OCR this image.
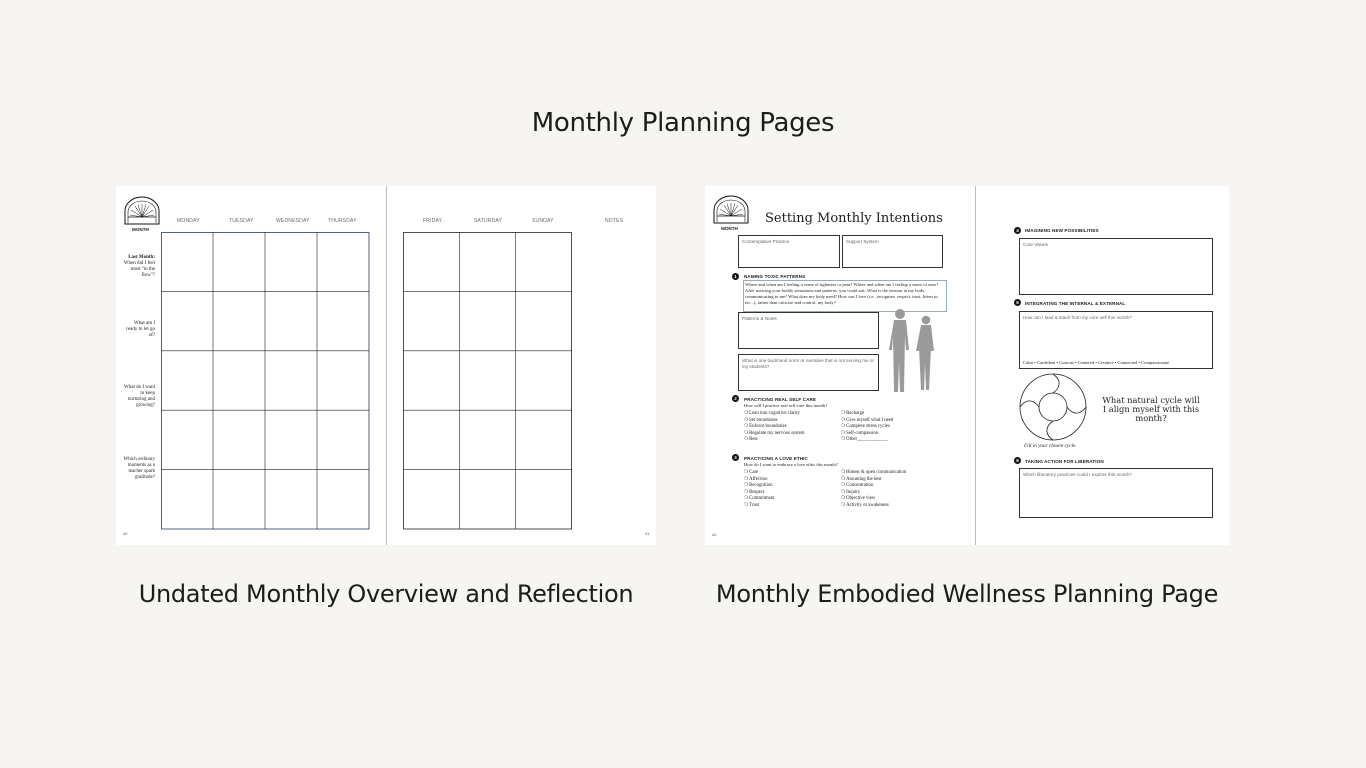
Monthly Planning Pages
MONTH
MONDAY	TUESDAY	WEDNESDAY	THURSDAY
Last Month: When did I feel most "in the flow"?
What am I ready to let go of?
What do I want to keep nurturing and growing?
Which ordinary moments as a teacher spark gratitude?
40
FRIDAY	SATURDAY	SUNDAY	NOTES
41
Undated Monthly Overview and Reflection
MONTH
Setting Monthly Intentions
Contemplative Practice	Support System
1	NAMING TOXIC PATTERNS
Where and when am I feeling a sense of tightness or pain? Where and when am I feeling a sense of ease? After noticing your bodily sensations and patterns, you could ask: What is the tension in my body communicating to me? What does my body need? How can I love (i.e., recognize, respect, trust, listen to, etc...), rather than criticize and control, my body?
Patterns & Notes
What is one backhand norm or narrative that is not serving me or my students?
2	PRACTICING REAL SELF CARE
How will I practice real self-care this month?
❍ Lean into cognitive clarity
❍ Set boundaries
❍ Enforce boundaries
❍ Regulate my nervous system
❍ Rest
❍ Recharge
❍ Give myself what I need
❍ Complete stress cycles
❍ Self-compassion
❍ Other_____________
3	PRACTICING A LOVE ETHIC
How do I want to embrace a love ethic this month?
❍ Care
❍ Affection
❍ Recognition
❍ Respect
❍ Commitment
❍ Trust
❍ Honest & open communication
❍ Assuming the best
❍ Concentration
❍ Inquiry
❍ Objective view
❍ Activity or awakeness
42
4	IMAGINING NEW POSSIBILITIES
Core Values
5	INTEGRATING THE INTERNAL & EXTERNAL
How can I lead & teach from my core self this month?
Calm • Confident • Curious • Centered • Creative • Connected • Compassionate
What natural cycle will I align myself with this month?
Fill in your chosen cycle.
6	TAKING ACTION FOR LIBERATION
Which liberatory practices could I explore this month?
Monthly Embodied Wellness Planning Page
